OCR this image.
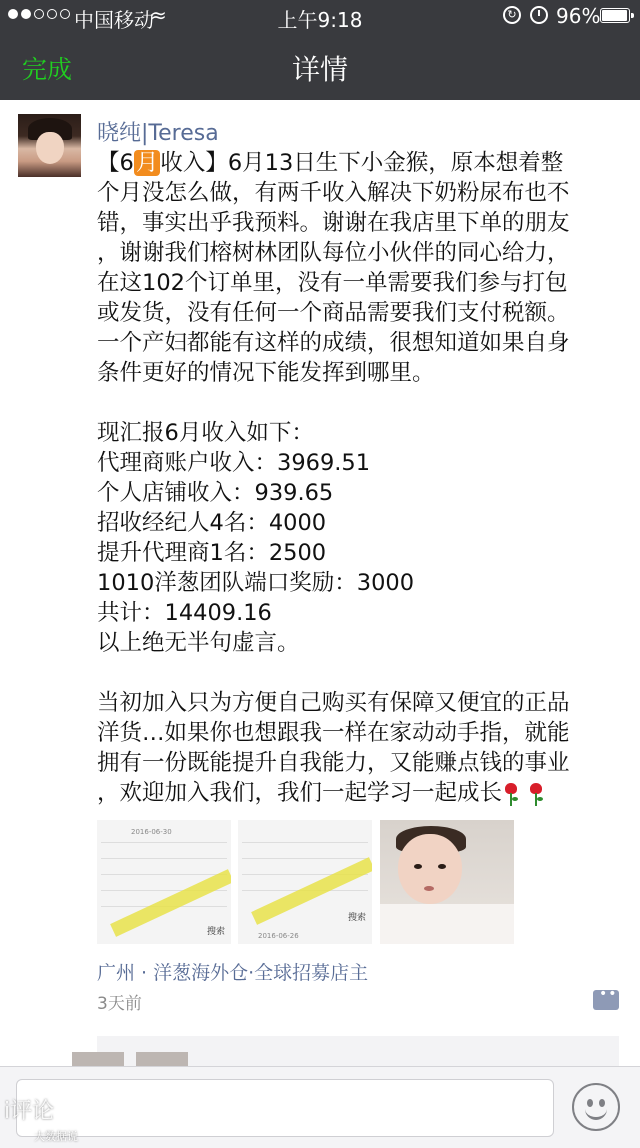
中国移动
≈	上午9:18	↻ 96%
完成	详情
晓纯|Teresa
【6月收入】6月13日生下小金猴，原本想着整
个月没怎么做，有两千收入解决下奶粉尿布也不
错，事实出乎我预料。谢谢在我店里下单的朋友
，谢谢我们榕树林团队每位小伙伴的同心给力，
在这102个订单里，没有一单需要我们参与打包
或发货，没有任何一个商品需要我们支付税额。
一个产妇都能有这样的成绩，很想知道如果自身
条件更好的情况下能发挥到哪里。
现汇报6月收入如下：
代理商账户收入：3969.51
个人店铺收入：939.65
招收经纪人4名：4000
提升代理商1名：2500
1010洋葱团队端口奖励：3000
共计：14409.16
以上绝无半句虚言。
当初加入只为方便自己购买有保障又便宜的正品
洋货…如果你也想跟我一样在家动动手指，就能
拥有一份既能提升自我能力，又能赚点钱的事业
，欢迎加入我们，我们一起学习一起成长

2016-06-30
搜索
搜索
2016-06-26
广州 · 洋葱海外仓·全球招募店主
3天前
••
i评论
大数据说
